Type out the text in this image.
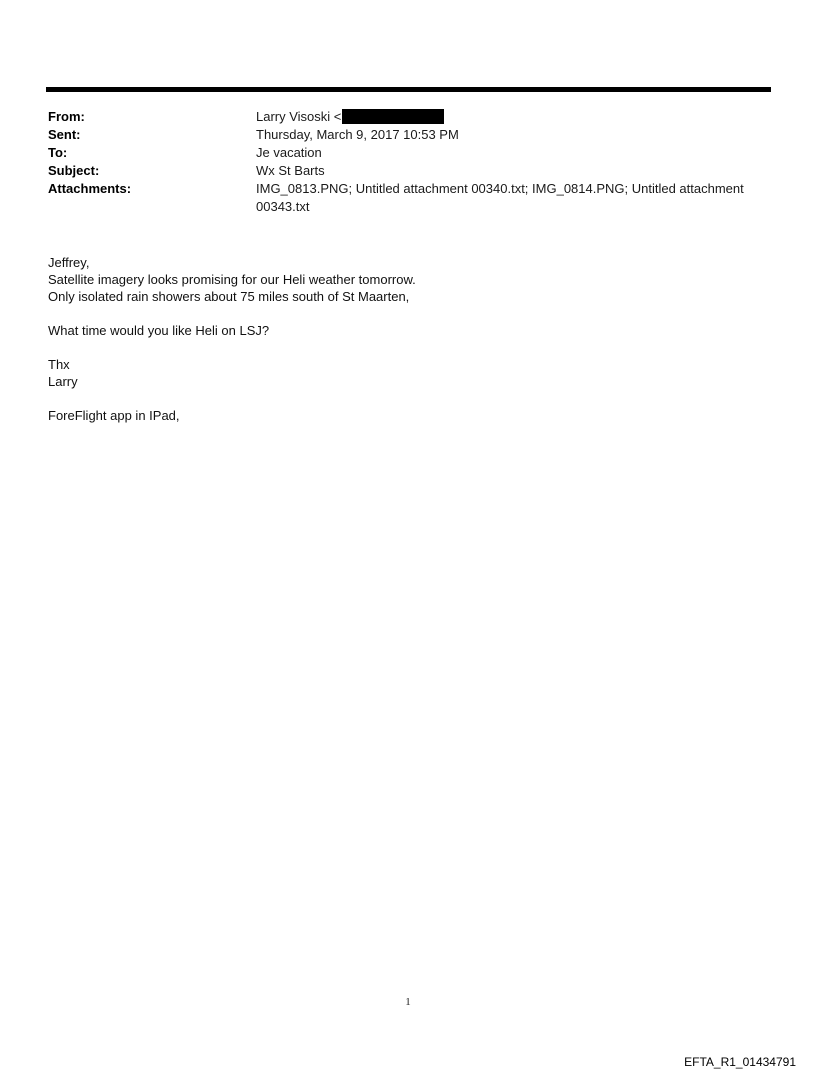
From:	Larry Visoski <
Sent:	Thursday, March 9, 2017 10:53 PM
To:	Je vacation
Subject:	Wx St Barts
Attachments:	IMG_0813.PNG; Untitled attachment 00340.txt; IMG_0814.PNG; Untitled attachment
00343.txt

Jeffrey,

Satellite imagery looks promising for our Heli weather tomorrow.

Only isolated rain showers about 75 miles south of St Maarten,

What time would you like Heli on LSJ?

Thx

Larry

ForeFlight app in IPad,

1
EFTA_R1_01434791
